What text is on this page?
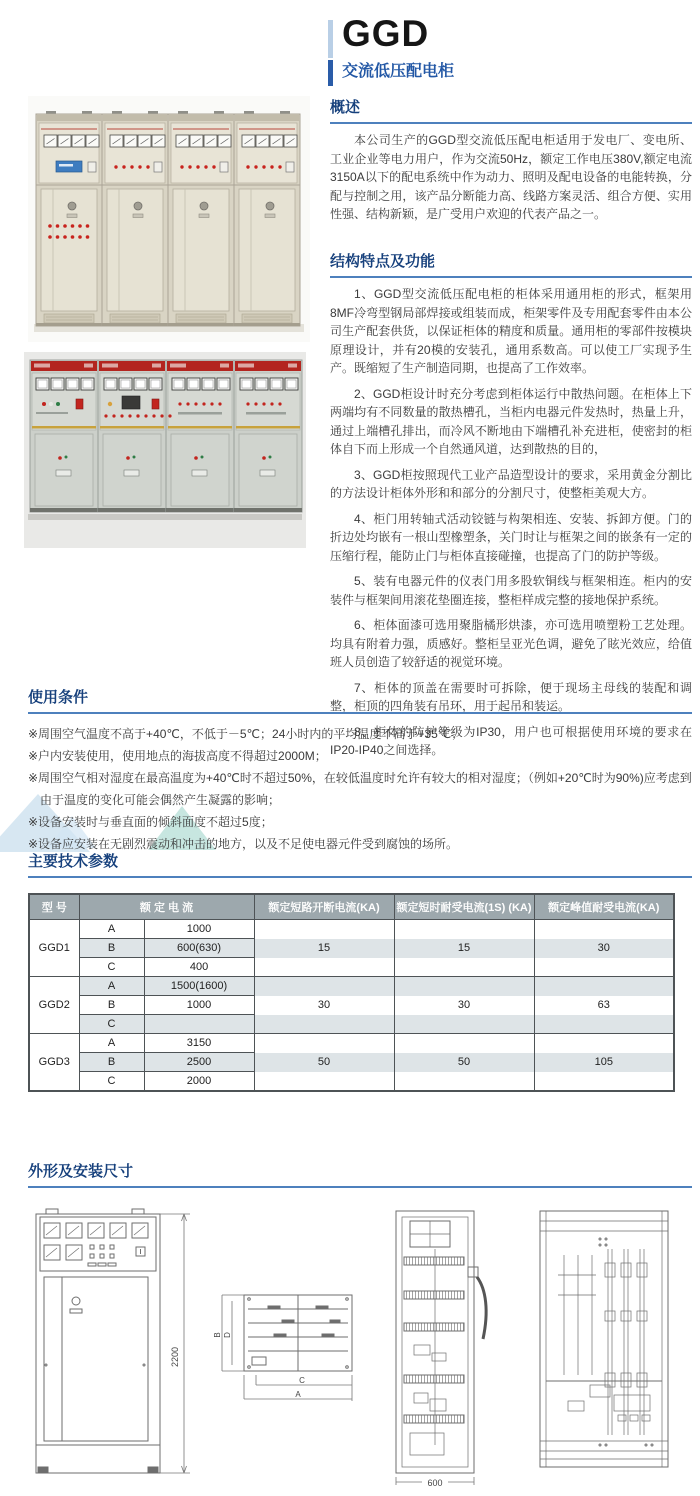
GGD
交流低压配电柜
概述

本公司生产的GGD型交流低压配电柜适用于发电厂、变电所、工业企业等电力用户，作为交流50Hz，额定工作电压380V,额定电流3150A以下的配电系统中作为动力、照明及配电设备的电能转换，分配与控制之用，该产品分断能力高、线路方案灵活、组合方便、实用性强、结构新颖，是广受用户欢迎的代表产品之一。

结构特点及功能

1、GGD型交流低压配电柜的柜体采用通用柜的形式，框架用 8MF冷弯型钢局部焊接或组装而成，柜架零件及专用配套零件由本公司生产配套供货，以保证柜体的精度和质量。通用柜的零部件按模块原理设计，并有20模的安装孔，通用系数高。可以使工厂实现予生产。既缩短了生产制造同期，也提高了工作效率。

2、GGD柜设计时充分考虑到柜体运行中散热问题。在柜体上下两端均有不同数量的散热槽孔，当柜内电器元件发热时，热量上升，通过上端槽孔排出，而冷风不断地由下端槽孔补充进柜，使密封的柜体自下而上形成一个自然通风道，达到散热的目的，

3、GGD柜按照现代工业产品造型设计的要求，采用黄金分割比的方法设计柜体外形和和部分的分割尺寸，使整柜美观大方。

4、柜门用转轴式活动铰链与构架相连、安装、拆卸方便。门的折边处均嵌有一根山型橡塑条，关门时让与框架之间的嵌条有一定的压缩行程，能防止门与柜体直接碰撞，也提高了门的防护等级。

5、装有电器元件的仪表门用多股软铜线与框架相连。柜内的安装件与框架间用滚花垫圈连接，整柜样成完整的接地保护系统。

6、柜体面漆可选用聚脂橘形烘漆，亦可选用喷塑粉工艺处理。均具有附着力强，质感好。整柜呈亚光色调，避免了眩光效应，给值班人员创造了较舒适的视觉环境。

7、柜体的顶盖在需要时可拆除，便于现场主母线的装配和调整，柜顶的四角装有吊环，用于起吊和装运。

8、柜体的防护等级为IP30，用户也可根据使用环境的要求在IP20-IP40之间选择。

使用条件
※周围空气温度不高于+40℃，不低于－5℃；24小时内的平均温度不高于+35℃；
※户内安装使用，使用地点的海拔高度不得超过2000M；
※周围空气相对湿度在最高温度为+40℃时不超过50%，在较低温度时允许有较大的相对湿度；（例如+20℃时为90%)应考虑到由于温度的变化可能会偶然产生凝露的影响；
※设备安装时与垂直面的倾斜面度不超过5度；
※设备应安装在无剧烈震动和冲击的地方，以及不足使电器元件受到腐蚀的场所。
主要技术参数
型 号	额 定 电 流		额定短路开断电流(KA)	额定短时耐受电流(1S) (KA)	额定峰值耐受电流(KA)
GGD1	A	1000	15	15	30
	B	600(630)			
	C	400			
GGD2	A	1500(1600)	30	30	63
	B	1000			
	C				
GGD3	A	3150	50	50	105
	B	2500			
	C	2000			
外形及安装尺寸
2200
B D
C
A
600
